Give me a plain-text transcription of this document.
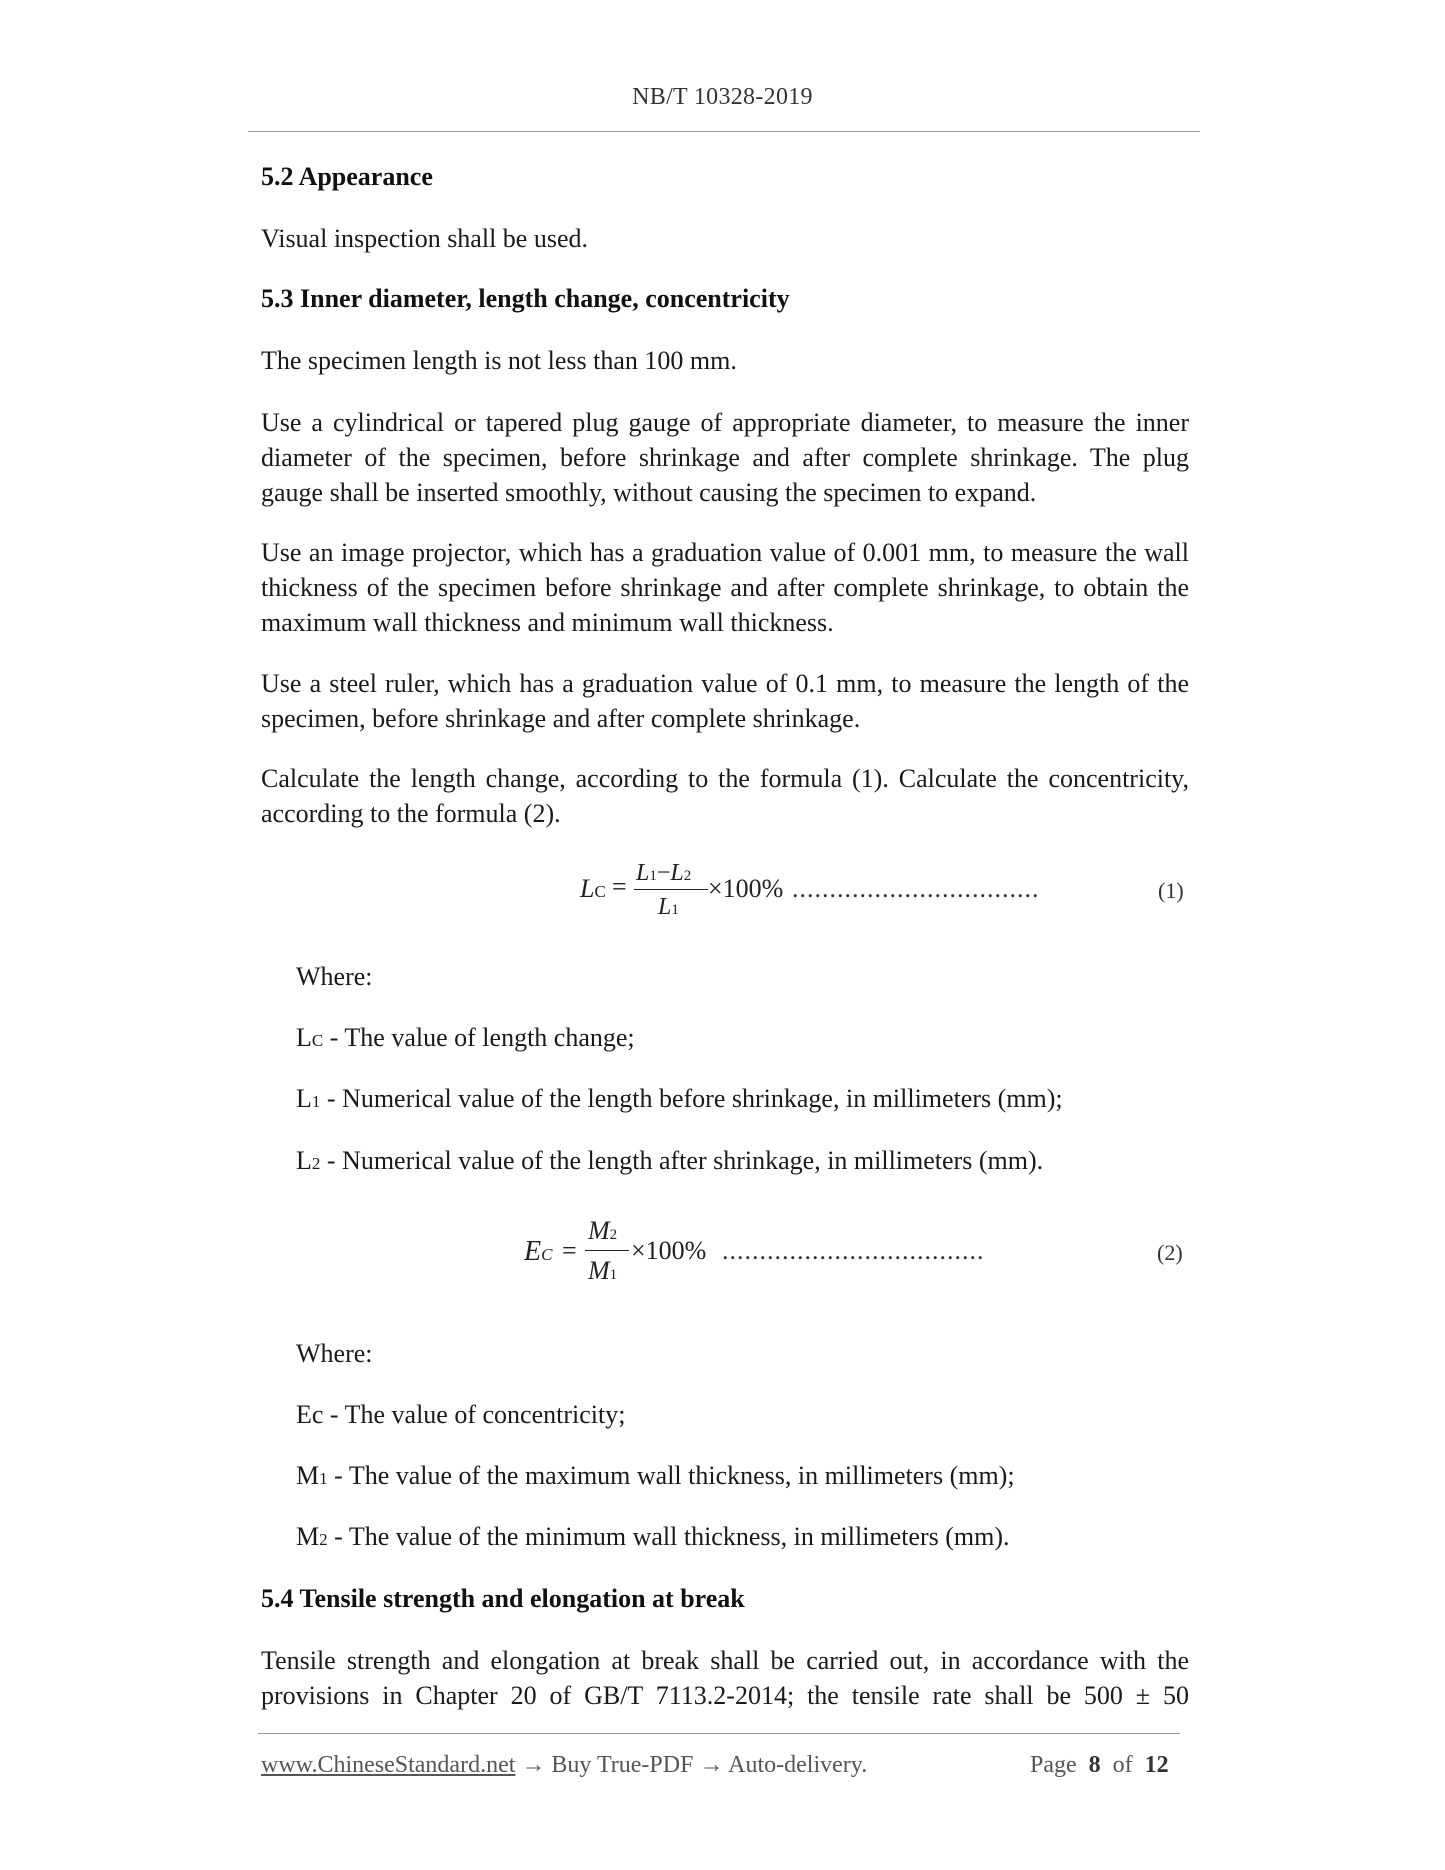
NB/T 10328-2019
5.2 Appearance
Visual inspection shall be used.
5.3 Inner diameter, length change, concentricity
The specimen length is not less than 100 mm.
Use a cylindrical or tapered plug gauge of appropriate diameter, to measure the inner diameter of the specimen, before shrinkage and after complete shrinkage. The plug gauge shall be inserted smoothly, without causing the specimen to expand.
Use an image projector, which has a graduation value of 0.001 mm, to measure the wall thickness of the specimen before shrinkage and after complete shrinkage, to obtain the maximum wall thickness and minimum wall thickness.
Use a steel ruler, which has a graduation value of 0.1 mm, to measure the length of the specimen, before shrinkage and after complete shrinkage.
Calculate the length change, according to the formula (1). Calculate the concentricity, according to the formula (2).
LC = L1−L2
L1
×100% .................................	(1)
Where:
LC - The value of length change;
L1 - Numerical value of the length before shrinkage, in millimeters (mm);
L2 - Numerical value of the length after shrinkage, in millimeters (mm).
EC =
M2
M1
×100% ...................................	(2)
Where:
Ec - The value of concentricity;
M1 - The value of the maximum wall thickness, in millimeters (mm);
M2 - The value of the minimum wall thickness, in millimeters (mm).
5.4 Tensile strength and elongation at break
Tensile strength and elongation at break shall be carried out, in accordance with the
provisions in Chapter 20 of GB/T 7113.2-2014; the tensile rate shall be 500 ± 50
www.ChineseStandard.net → Buy True-PDF → Auto-delivery.	Page 8 of 12
